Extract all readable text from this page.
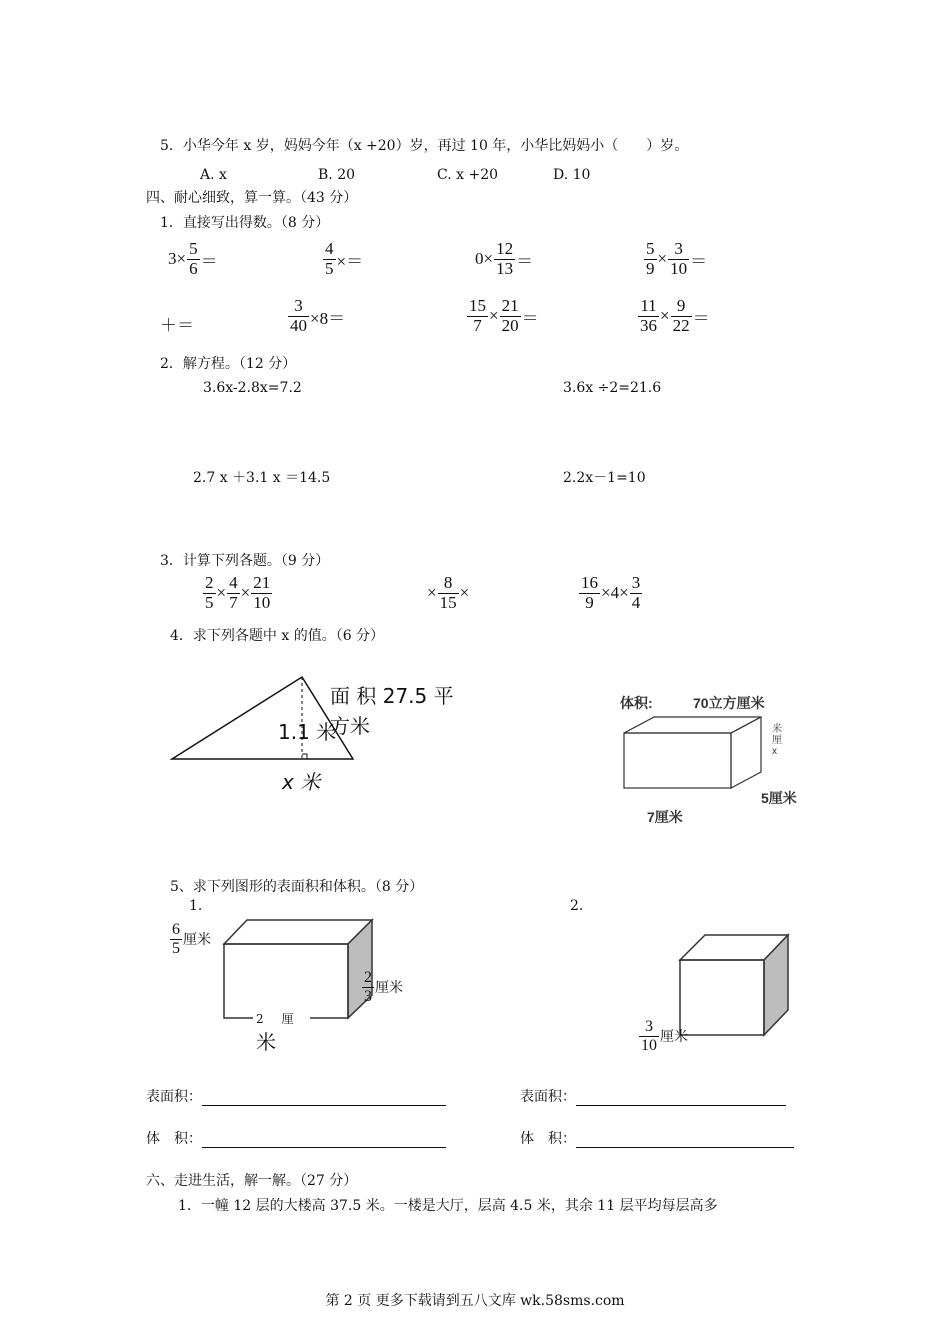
5．小华今年 x 岁，妈妈今年（x +20）岁，再过 10 年，小华比妈妈小（　　）岁。
A. x	B. 20	C. x +20	D. 10
四、耐心细致，算一算。（43 分）
1．直接写出得数。（8 分）
$3\times \frac{5}{6}$ ＝	$\frac{4}{5}$ ×＝	$0\times \frac{12}{13}$ ＝	$\frac{5}{9} \times \frac{3}{10}$ ＝
＋＝	$\frac{3}{40} \times 8=$	$\frac{15}{7} \times \frac{21}{20}$ ＝	$\frac{11}{36} \times \frac{9}{22}$ ＝
2．解方程。（12 分）
3.6x-2.8x=7.2	3.6x ÷2=21.6
2.7 x ＋3.1 x ＝14.5	2.2x－1=10
3．计算下列各题。（9 分）
$\frac{2}{5} \times \frac{4}{7} \times \frac{21}{10}$	× $\frac{8}{15}$ ×	$\frac{16}{9} \times 4\times \frac{3}{4}$
4．求下列各题中 x 的值。（6 分）
面 积 27.5 平
方米
1.1 米
x 米
体积:	70立方厘米
米厘x
5厘米
7厘米
5、求下列图形的表面积和体积。（8 分）
1.	2.
$\frac{6}{5}$ 厘米
$\frac{2}{3}$ 厘米
2 厘
米	$\frac{3}{10}$ 厘米
表面积：	表面积：
体　积：	体　积：
六、走进生活，解一解。（27 分）
1．一幢 12 层的大楼高 37.5 米。一楼是大厅，层高 4.5 米，其余 11 层平均每层高多
第 2 页 更多下载请到五八文库 wk.58sms.com
